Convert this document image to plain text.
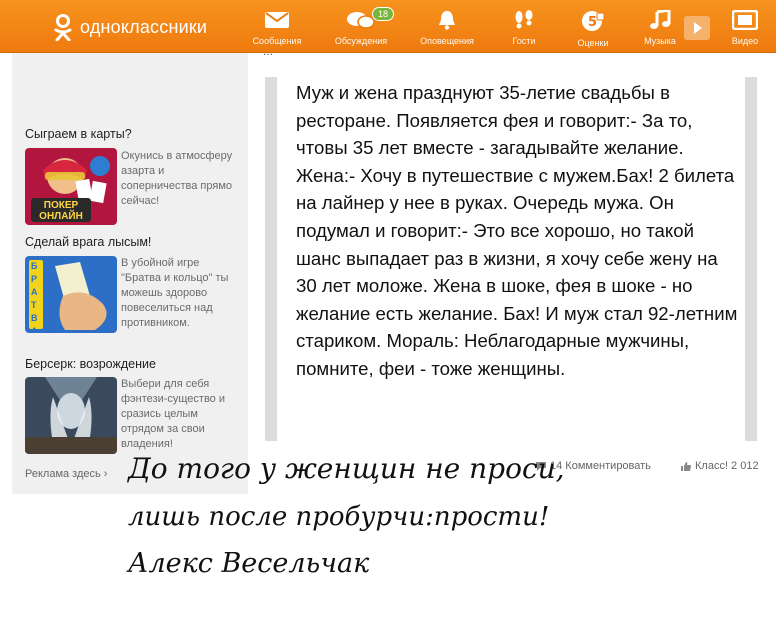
одноклассники
Сообщения
18
Обсуждения	Оповещения	Гости
5
Оценки	Музыка	Видео
Сыграем в карты?
ПОКЕР ОНЛАЙН
Окунись в атмосферу азарта и соперничества прямо сейчас!
Сделай врага лысым!
БРАТВА
В убойной игре "Братва и кольцо" ты можешь здорово повеселиться над противником.
Берсерк: возрождение
Выбери для себя фэнтези-существо и сразись целым отрядом за свои владения!
Реклама здесь ›
...
Муж и жена празднуют 35-летие свадьбы в ресторане. Появляется фея и говорит:- За то, чтовы 35 лет вместе - загадывайте желание. Жена:- Хочу в путешествие с мужем.Бах! 2 билета на лайнер у нее в руках. Очередь мужа. Он подумал и говорит:- Это все хорошо, но такой шанс выпадает раз в жизни, я хочу себе жену на 30 лет моложе. Жена в шоке, фея в шоке - но желание есть желание. Бах! И муж стал 92-летним стариком. Мораль: Неблагодарные мужчины, помните, феи - тоже женщины.
14 Комментировать	Класс! 2 012
До того у женщин не проси,
лишь после пробурчи:прости!
Алекс Весельчак
